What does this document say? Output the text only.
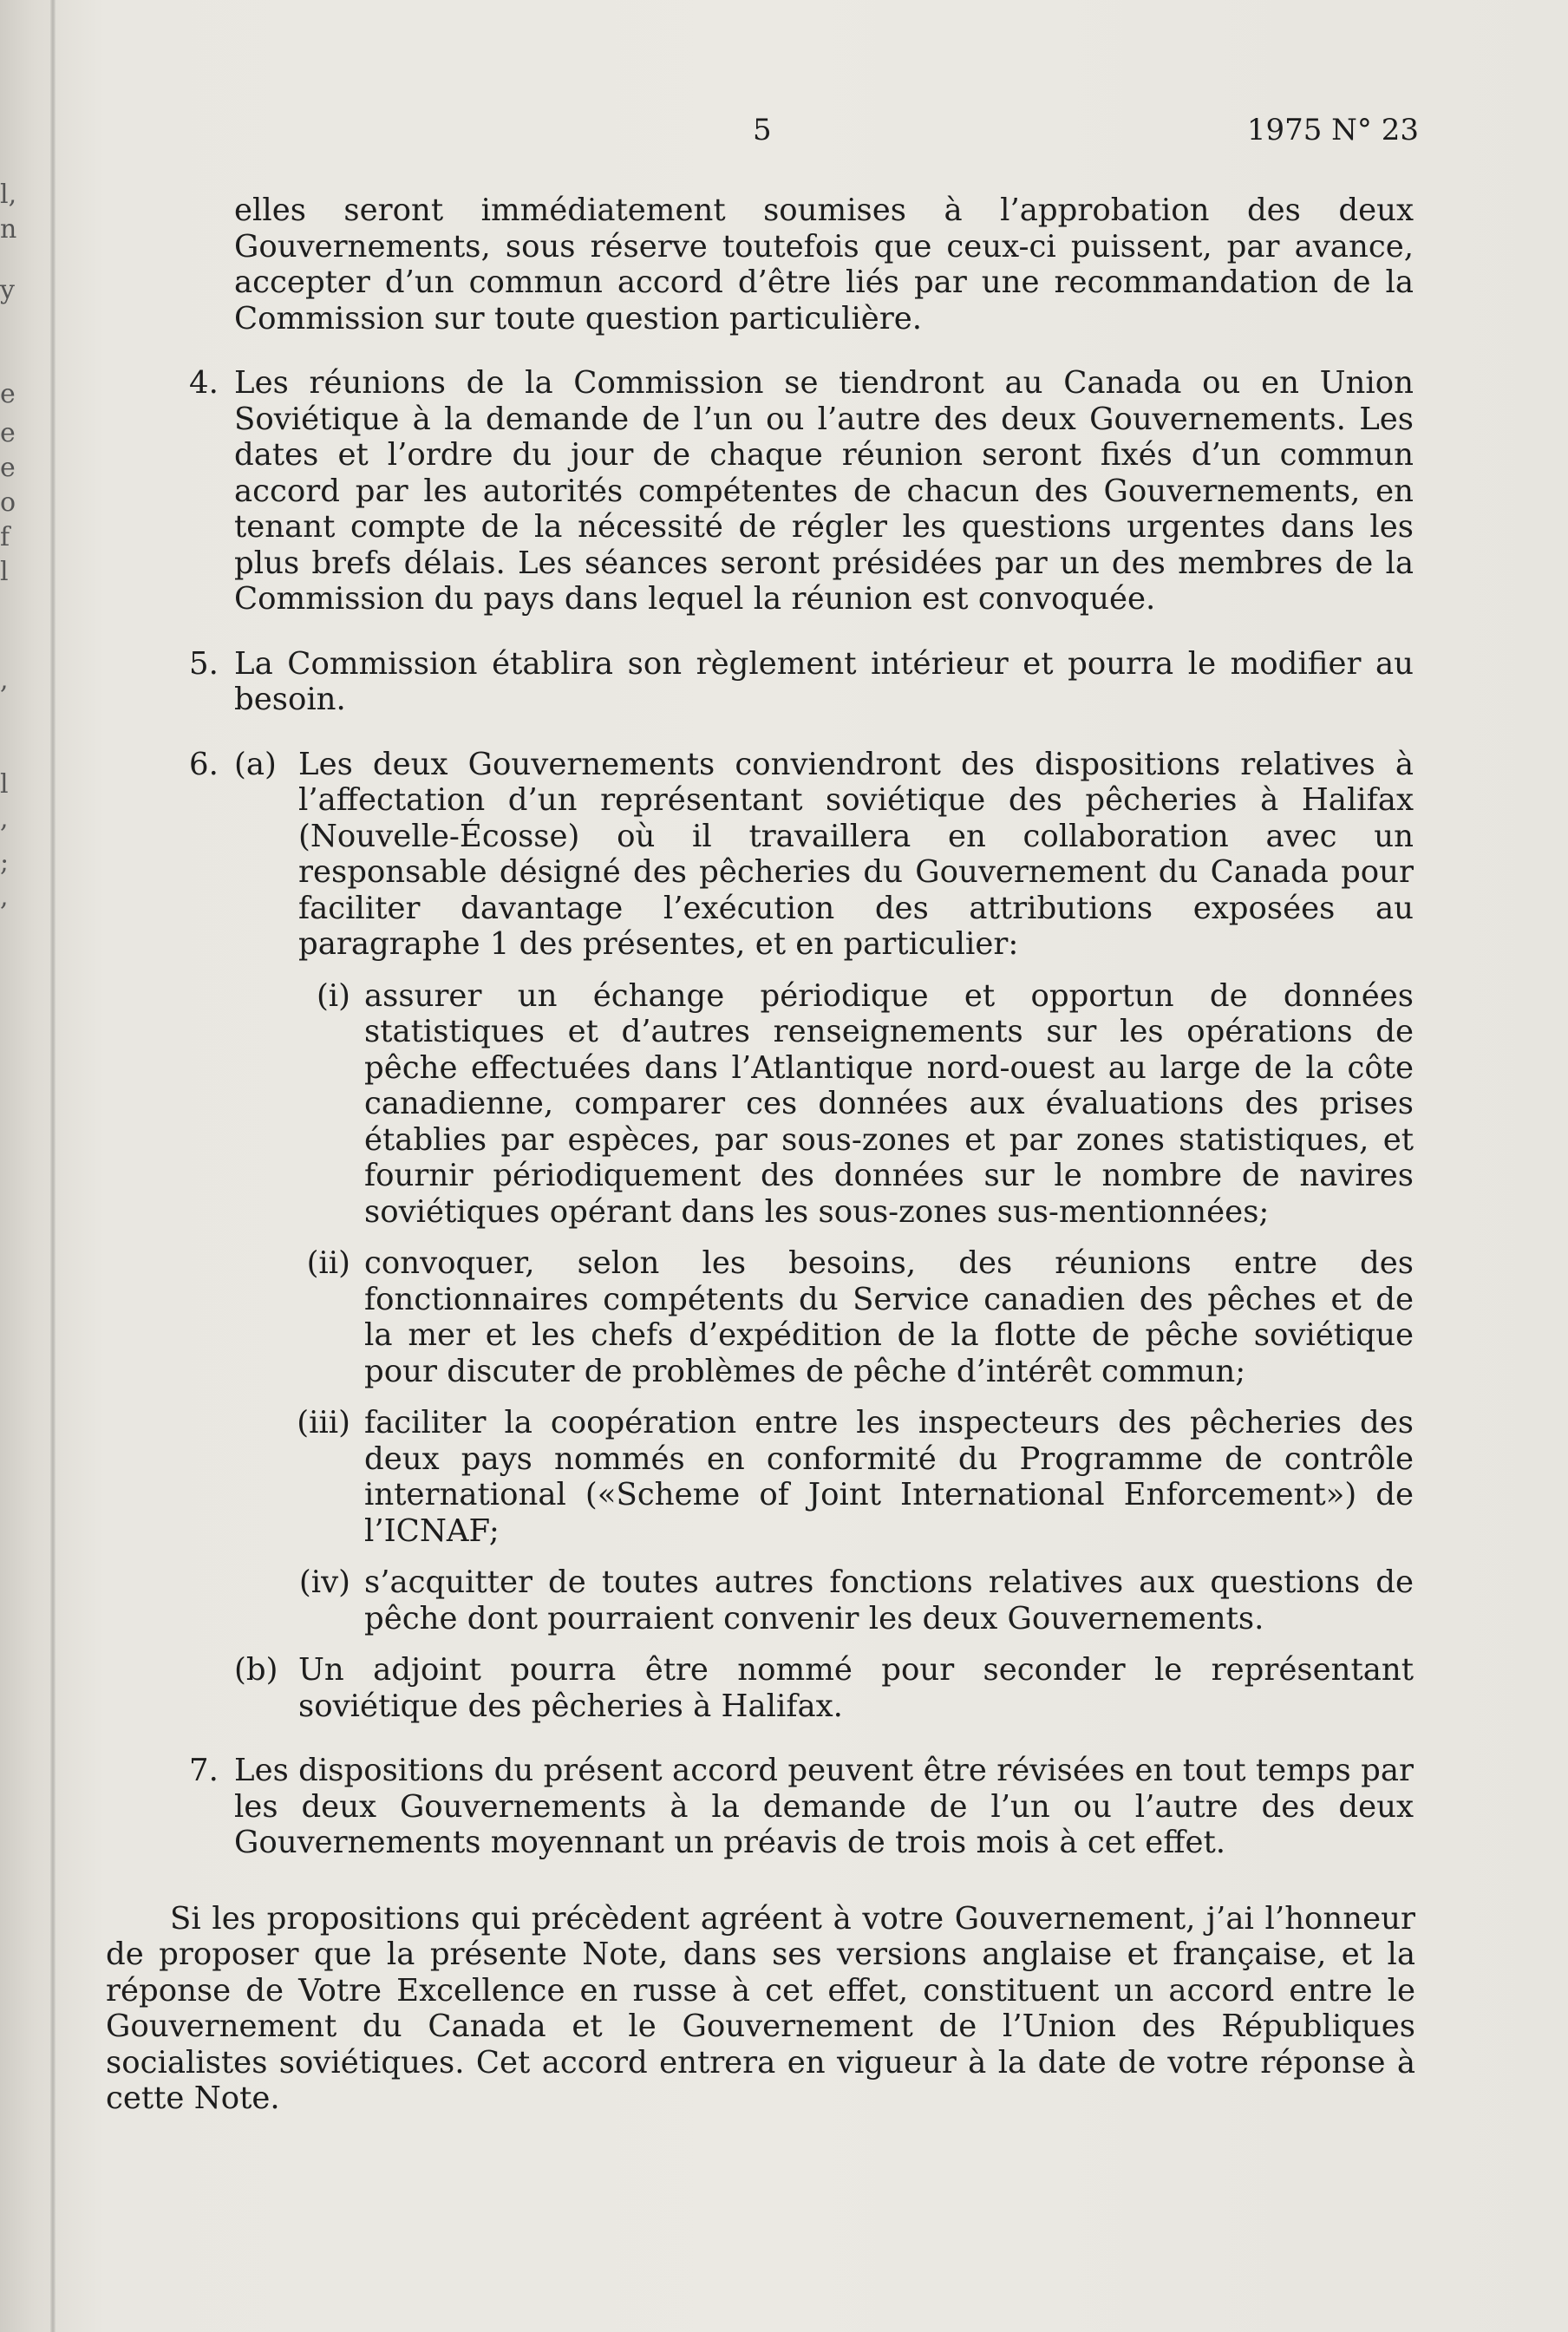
l,
n
y
e
e
e
o
f
l
,
l
,
;
,
5	1975 N° 23

elles seront immédiatement soumises à l’approbation des deux Gouvernements, sous réserve toutefois que ceux-ci puissent, par avance, accepter d’un commun accord d’être liés par une recommandation de la Commission sur toute question particulière.

4. Les réunions de la Commission se tiendront au Canada ou en Union Soviétique à la demande de l’un ou l’autre des deux Gouvernements. Les dates et l’ordre du jour de chaque réunion seront fixés d’un commun accord par les autorités compétentes de chacun des Gouvernements, en tenant compte de la nécessité de régler les questions urgentes dans les plus brefs délais. Les séances seront présidées par un des membres de la Commission du pays dans lequel la réunion est convoquée.

5. La Commission établira son règlement intérieur et pourra le modifier au besoin.

6. (a) Les deux Gouvernements conviendront des dispositions relatives à l’affectation d’un représentant soviétique des pêcheries à Halifax (Nouvelle-Écosse) où il travaillera en collaboration avec un responsable désigné des pêcheries du Gouvernement du Canada pour faciliter davantage l’exécution des attributions exposées au paragraphe 1 des présentes, et en particulier:

(i) assurer un échange périodique et opportun de données statistiques et d’autres renseignements sur les opérations de pêche effectuées dans l’Atlantique nord-ouest au large de la côte canadienne, comparer ces données aux évaluations des prises établies par espèces, par sous-zones et par zones statistiques, et fournir périodiquement des données sur le nombre de navires soviétiques opérant dans les sous-zones sus-mentionnées;

(ii) convoquer, selon les besoins, des réunions entre des fonctionnaires compétents du Service canadien des pêches et de la mer et les chefs d’expédition de la flotte de pêche soviétique pour discuter de problèmes de pêche d’intérêt commun;

(iii) faciliter la coopération entre les inspecteurs des pêcheries des deux pays nommés en conformité du Programme de contrôle international («Scheme of Joint International Enforcement») de l’ICNAF;

(iv) s’acquitter de toutes autres fonctions relatives aux questions de pêche dont pourraient convenir les deux Gouvernements.

(b) Un adjoint pourra être nommé pour seconder le représentant soviétique des pêcheries à Halifax.

7. Les dispositions du présent accord peuvent être révisées en tout temps par les deux Gouvernements à la demande de l’un ou l’autre des deux Gouvernements moyennant un préavis de trois mois à cet effet.

Si les propositions qui précèdent agréent à votre Gouvernement, j’ai l’honneur de proposer que la présente Note, dans ses versions anglaise et française, et la réponse de Votre Excellence en russe à cet effet, constituent un accord entre le Gouvernement du Canada et le Gouvernement de l’Union des Républiques socialistes soviétiques. Cet accord entrera en vigueur à la date de votre réponse à cette Note.
